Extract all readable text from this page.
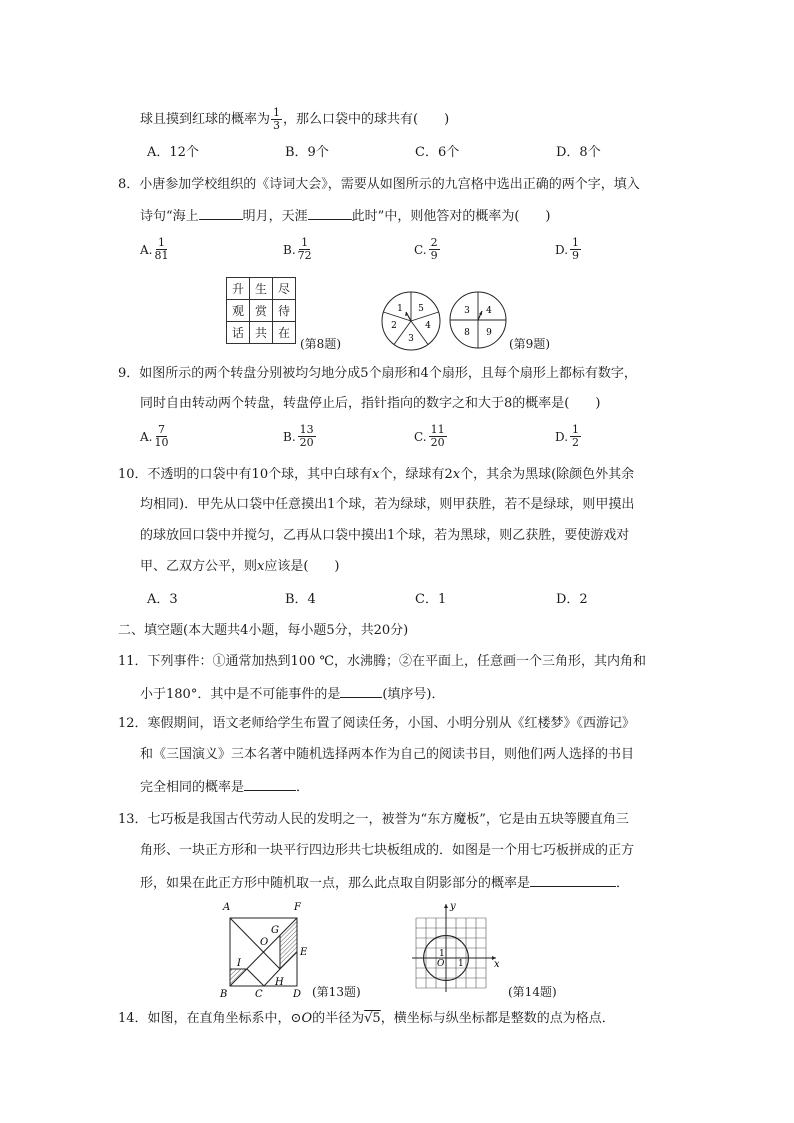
球且摸到红球的概率为 $\frac{1}{3}$ ，那么口袋中的球共有(　　)
A．12个	B．9个	C．6个	D．8个
8．小唐参加学校组织的《诗词大会》，需要从如图所示的九宫格中选出正确的两个字，填入
诗句“海上	明月，天涯	此时”中，则他答对的概率为(　　)
A. $\frac{1}{81}$	B. $\frac{1}{72}$	C. $\frac{2}{9}$	D. $\frac{1}{9}$
升	生	尽
观	赏	待
话	共	在
(第8题)
1 5
4
3
2
3 4
9
8
(第9题)
9．如图所示的两个转盘分别被均匀地分成5个扇形和4个扇形，且每个扇形上都标有数字，
同时自由转动两个转盘，转盘停止后，指针指向的数字之和大于8的概率是(　　)
A. $\frac{7}{10}$	B. $\frac{13}{20}$	C. $\frac{11}{20}$	D. $\frac{1}{2}$
10．不透明的口袋中有10个球，其中白球有x个，绿球有2x个，其余为黑球(除颜色外其余
均相同)．甲先从口袋中任意摸出1个球，若为绿球，则甲获胜，若不是绿球，则甲摸出
的球放回口袋中并搅匀，乙再从口袋中摸出1个球，若为黑球，则乙获胜，要使游戏对
甲、乙双方公平，则x应该是(　　)
A．3	B．4	C．1	D．2
二、填空题(本大题共4小题，每小题5分，共20分)
11．下列事件：①通常加热到100 ℃，水沸腾；②在平面上，任意画一个三角形，其内角和
小于180°．其中是不可能事件的是	(填序号)．
12．寒假期间，语文老师给学生布置了阅读任务，小国、小明分别从《红楼梦》《西游记》
和《三国演义》三本名著中随机选择两本作为自己的阅读书目，则他们两人选择的书目
完全相同的概率是	．
13．七巧板是我国古代劳动人民的发明之一，被誉为“东方魔板”，它是由五块等腰直角三
角形、一块正方形和一块平行四边形共七块板组成的．如图是一个用七巧板拼成的正方
形，如果在此正方形中随机取一点，那么此点取自阴影部分的概率是	．
A	F
G
O
E
I
H
B	C	D (第13题)
y
x
1
1
O
(第14题)
14．如图，在直角坐标系中，⊙O的半径为√5，横坐标与纵坐标都是整数的点为格点．
